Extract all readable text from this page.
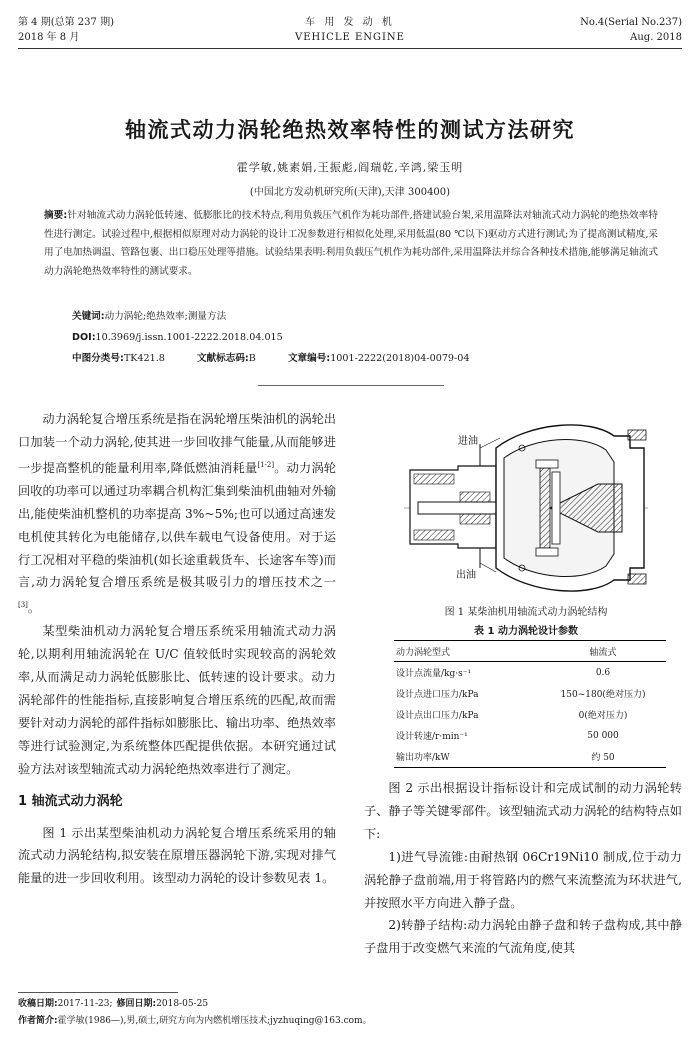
第 4 期(总第 237 期)
2018 年 8 月
车 用 发 动 机
VEHICLE ENGINE
No.4(Serial No.237)
Aug. 2018
轴流式动力涡轮绝热效率特性的测试方法研究
霍学敏,姚素娟,王振彪,阎瑞乾,辛鸿,梁玉明
(中国北方发动机研究所(天津),天津 300400)
摘要:针对轴流式动力涡轮低转速、低膨胀比的技术特点,利用负载压气机作为耗功部件,搭建试验台架,采用温降法对轴流式动力涡轮的绝热效率特性进行测定。试验过程中,根据相似原理对动力涡轮的设计工况参数进行相似化处理,采用低温(80 ℃以下)驱动方式进行测试;为了提高测试精度,采用了电加热调温、管路包裹、出口稳压处理等措施。试验结果表明:利用负载压气机作为耗功部件,采用温降法并综合各种技术措施,能够满足轴流式动力涡轮绝热效率特性的测试要求。
关键词:动力涡轮;绝热效率;测量方法
DOI:10.3969/j.issn.1001-2222.2018.04.015
中图分类号:TK421.8	文献标志码:B	文章编号:1001-2222(2018)04-0079-04

动力涡轮复合增压系统是指在涡轮增压柴油机的涡轮出口加装一个动力涡轮,使其进一步回收排气能量,从而能够进一步提高整机的能量利用率,降低燃油消耗量[1-2]。动力涡轮回收的功率可以通过功率耦合机构汇集到柴油机曲轴对外输出,能使柴油机整机的功率提高 3%~5%;也可以通过高速发电机使其转化为电能储存,以供车载电气设备使用。对于运行工况相对平稳的柴油机(如长途重载货车、长途客车等)而言,动力涡轮复合增压系统是极其吸引力的增压技术之一[3]。

某型柴油机动力涡轮复合增压系统采用轴流式动力涡轮,以期利用轴流涡轮在 U/C 值较低时实现较高的涡轮效率,从而满足动力涡轮低膨胀比、低转速的设计要求。动力涡轮部件的性能指标,直接影响复合增压系统的匹配,故而需要针对动力涡轮的部件指标如膨胀比、输出功率、绝热效率等进行试验测定,为系统整体匹配提供依据。本研究通过试验方法对该型轴流式动力涡轮绝热效率进行了测定。

1 轴流式动力涡轮

图 1 示出某型柴油机动力涡轮复合增压系统采用的轴流式动力涡轮结构,拟安装在原增压器涡轮下游,实现对排气能量的进一步回收利用。该型动力涡轮的设计参数见表 1。

进油
出油
图 1 某柴油机用轴流式动力涡轮结构
表 1 动力涡轮设计参数
动力涡轮型式	轴流式
设计点流量/kg·s⁻¹	0.6
设计点进口压力/kPa	150~180(绝对压力)
设计点出口压力/kPa	0(绝对压力)
设计转速/r·min⁻¹	50 000
输出功率/kW	约 50

图 2 示出根据设计指标设计和完成试制的动力涡轮转子、静子等关键零部件。该型轴流式动力涡轮的结构特点如下:

1)进气导流锥:由耐热钢 06Cr19Ni10 制成,位于动力涡轮静子盘前端,用于将管路内的燃气来流整流为环状进气,并按照水平方向进入静子盘。

2)转静子结构:动力涡轮由静子盘和转子盘构成,其中静子盘用于改变燃气来流的气流角度,使其

收稿日期:2017-11-23; 修回日期:2018-05-25
作者简介:霍学敏(1986—),男,硕士,研究方向为内燃机增压技术;jyzhuqing@163.com。
